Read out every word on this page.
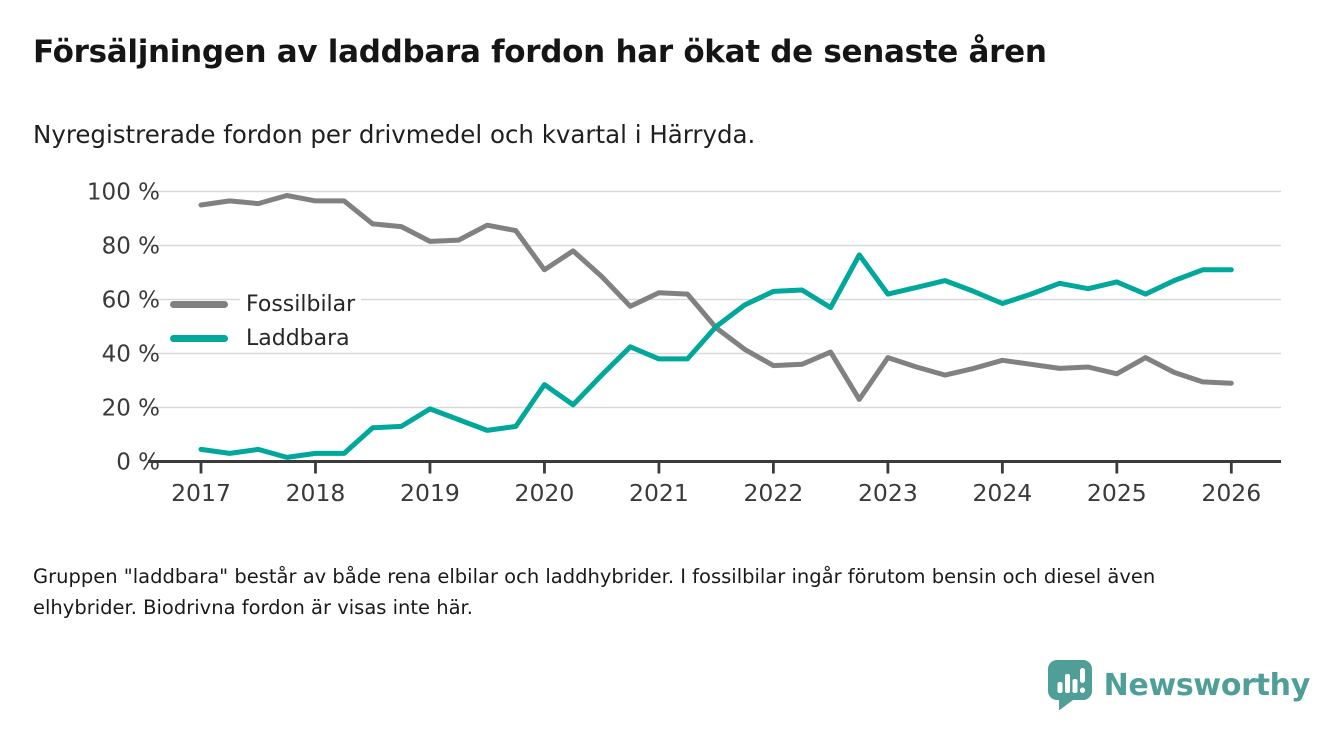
Försäljningen av laddbara fordon har ökat de senaste åren
Nyregistrerade fordon per drivmedel och kvartal i Härryda.
0 %
20 %
40 %
60 %
80 %
100 %
2017 2018 2019 2020 2021 2022 2023 2024 2025 2026
Fossilbilar
Laddbara
Gruppen "laddbara" består av både rena elbilar och laddhybrider. I fossilbilar ingår förutom bensin och diesel även
elhybrider. Biodrivna fordon är visas inte här.
Newsworthy
